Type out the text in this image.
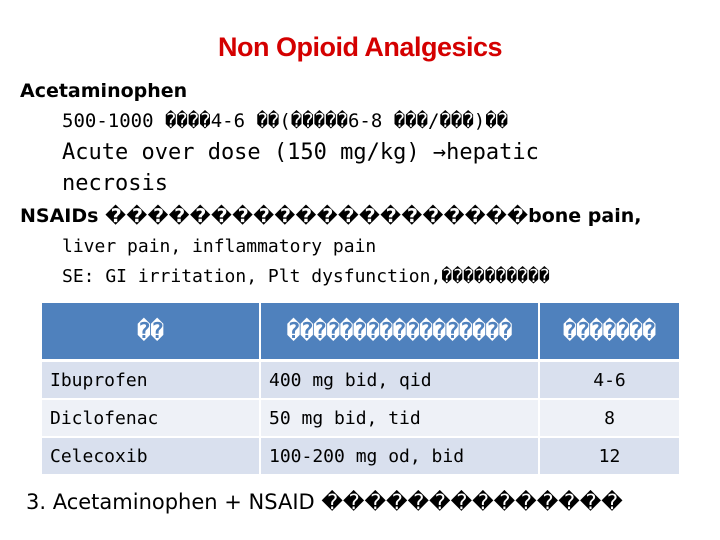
Non Opioid Analgesics
Acetaminophen
500-1000 ����4-6 ��(�����6-8 ���/���)��
Acute over dose (150 mg/kg) →hepatic
necrosis
NSAIDs ��������������������bone pain,
liver pain, inflammatory pain
SE: GI irritation, Plt dysfunction,����������
��	�����������������	�������
Ibuprofen	400 mg bid, qid	4-6
Diclofenac	50 mg bid, tid	8
Celecoxib	100-200 mg od, bid	12
3. Acetaminophen + NSAID ��������������
